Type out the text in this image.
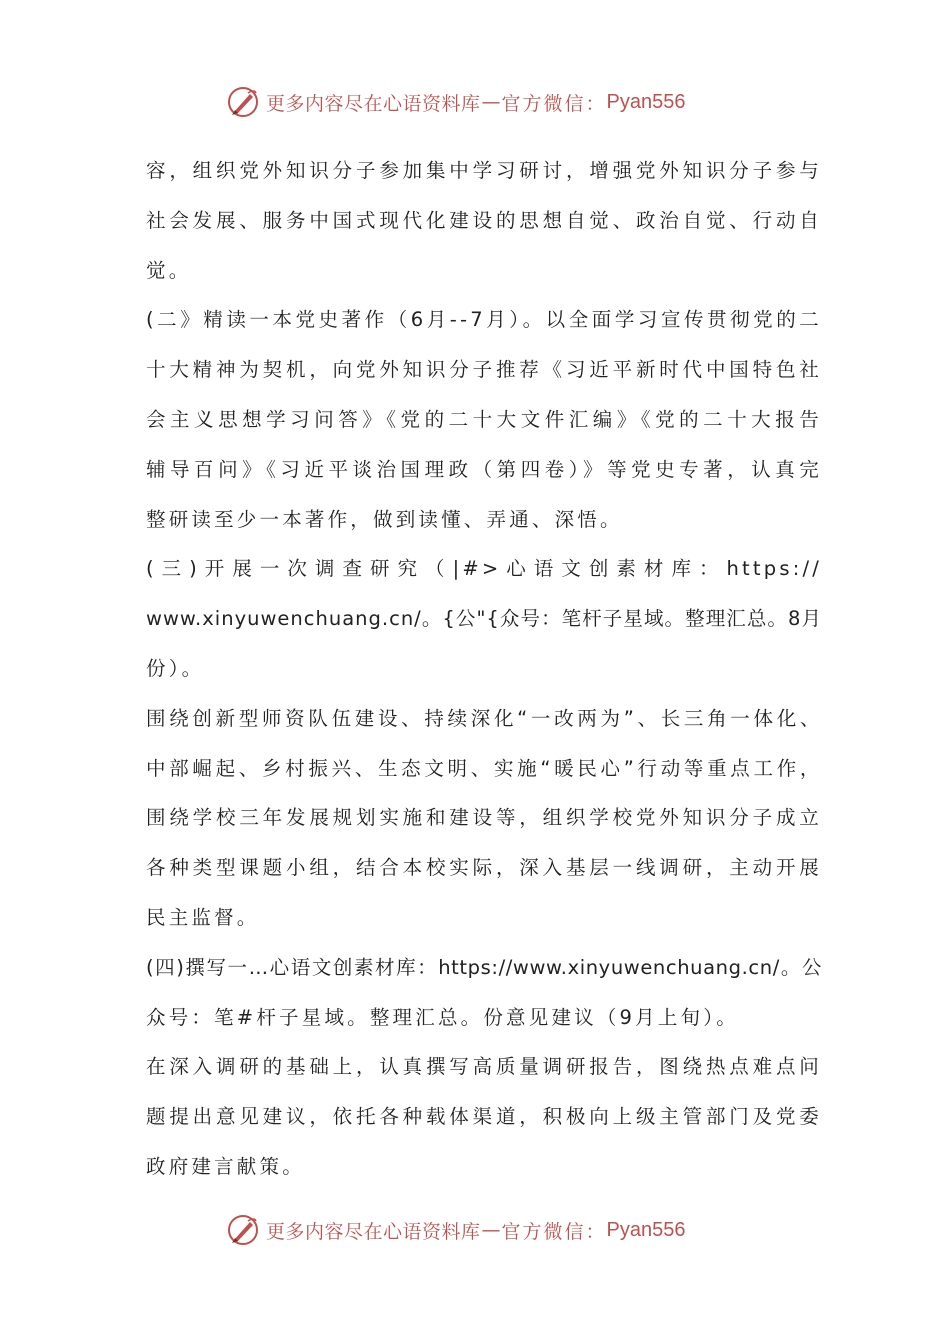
更多内容尽在心语资料库 — 官方微信： Pyan556

容，组织党外知识分子参加集中学习研讨，增强党外知识分子参与

社会发展、服务中国式现代化建设的思想自觉、政治自觉、行动自

觉。

(二》精读一本党史著作（6月--7月）。以全面学习宣传贯彻党的二

十大精神为契机，向党外知识分子推荐《习近平新时代中国特色社

会主义思想学习问答》《党的二十大文件汇编》《党的二十大报告

辅导百问》《习近平谈治国理政（第四卷）》等党史专著，认真完

整研读至少一本著作，做到读懂、弄通、深悟。

(三)开展一次调查研究（|#>心语文创素材库：https://

www.xinyuwenchuang.cn/。{公"{众号：笔杆子星域。整理汇总。8月

份）。

围绕创新型师资队伍建设、持续深化“一改两为”、长三角一体化、

中部崛起、乡村振兴、生态文明、实施“暖民心”行动等重点工作，

围绕学校三年发展规划实施和建设等，组织学校党外知识分子成立

各种类型课题小组，结合本校实际，深入基层一线调研，主动开展

民主监督。

(四)撰写一…心语文创素材库：https://www.xinyuwenchuang.cn/。公

众号：笔#杆子星域。整理汇总。份意见建议（9月上旬）。

在深入调研的基础上，认真撰写高质量调研报告，图绕热点难点问

题提出意见建议，依托各种载体渠道，积极向上级主管部门及党委

政府建言献策。

更多内容尽在心语资料库 — 官方微信： Pyan556
